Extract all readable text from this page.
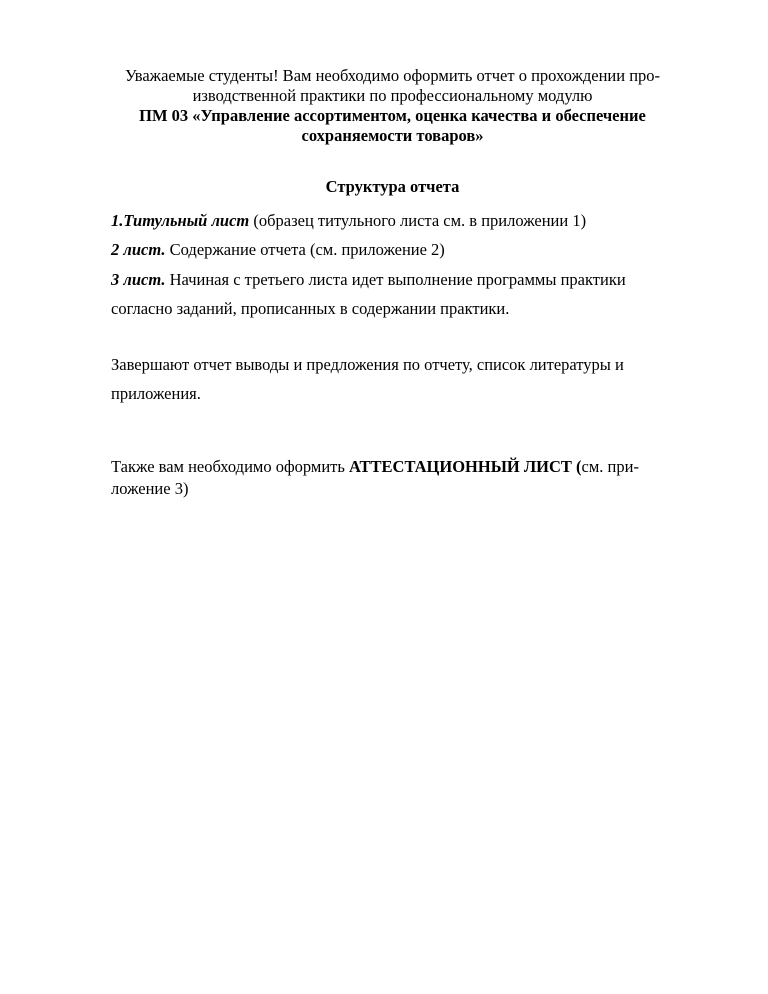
Уважаемые студенты! Вам необходимо оформить отчет о прохождении про-
изводственной практики по профессиональному модулю
ПМ 03 «Управление ассортиментом, оценка качества и обеспечение
сохраняемости товаров»
Структура отчета
1.Титульный лист (образец титульного листа см. в приложении 1)
2 лист. Содержание отчета (см. приложение 2)
3 лист. Начиная с третьего листа идет выполнение программы практики
согласно заданий, прописанных в содержании практики.
Завершают отчет выводы и предложения по отчету, список литературы и
приложения.
Также вам необходимо оформить АТТЕСТАЦИОННЫЙ ЛИСТ (см. при-
ложение 3)
